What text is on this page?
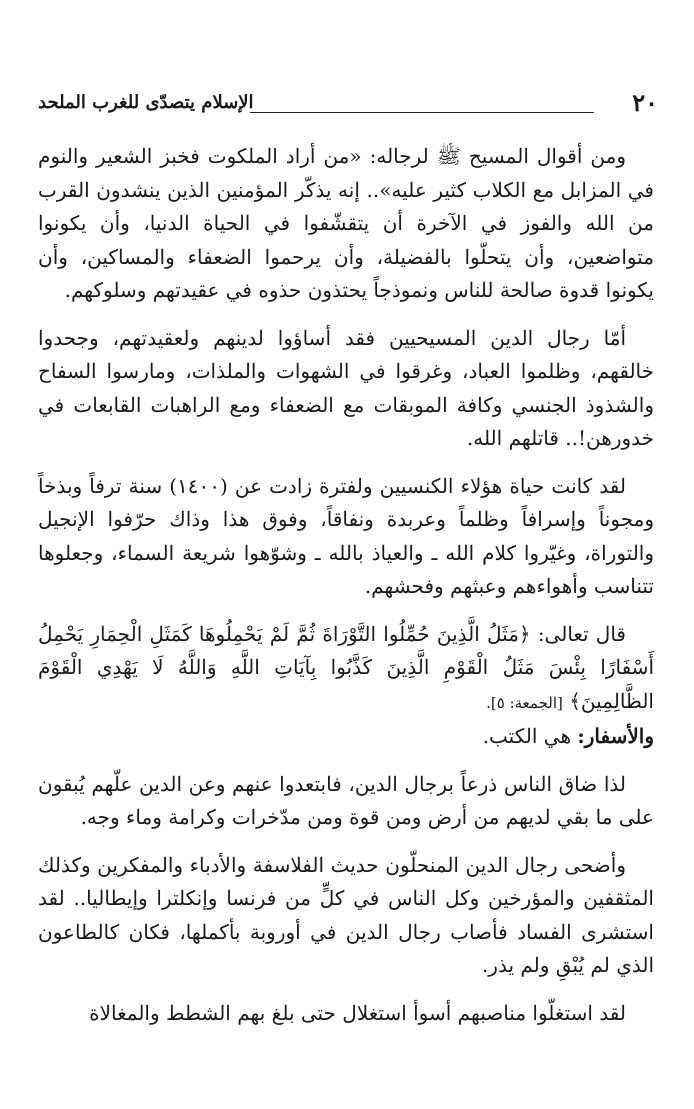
٢٠
الإسلام يتصدّى للغرب الملحد

ومن أقوال المسيح ﷺ لرجاله: «من أراد الملكوت فخبز الشعير والنوم في المزابل مع الكلاب كثير عليه».. إنه يذكّر المؤمنين الذين ينشدون القرب من الله والفوز في الآخرة أن يتقشّفوا في الحياة الدنيا، وأن يكونوا متواضعين، وأن يتحلّوا بالفضيلة، وأن يرحموا الضعفاء والمساكين، وأن يكونوا قدوة صالحة للناس ونموذجاً يحتذون حذوه في عقيدتهم وسلوكهم.

أمّا رجال الدين المسيحيين فقد أساؤوا لدينهم ولعقيدتهم، وجحدوا خالقهم، وظلموا العباد، وغرقوا في الشهوات والملذات، ومارسوا السفاح والشذوذ الجنسي وكافة الموبقات مع الضعفاء ومع الراهبات القابعات في خدورهن!.. قاتلهم الله.

لقد كانت حياة هؤلاء الكنسيين ولفترة زادت عن (١٤٠٠) سنة ترفاً وبذخاً ومجوناً وإسرافاً وظلماً وعربدة ونفاقاً، وفوق هذا وذاك حرّفوا الإنجيل والتوراة، وغيّروا كلام الله ـ والعياذ بالله ـ وشوّهوا شريعة السماء، وجعلوها تتناسب وأهواءهم وعبثهم وفحشهم.

قال تعالى: ﴿مَثَلُ الَّذِينَ حُمِّلُوا التَّوْرَاةَ ثُمَّ لَمْ يَحْمِلُوهَا كَمَثَلِ الْحِمَارِ يَحْمِلُ أَسْفَارًا بِئْسَ مَثَلُ الْقَوْمِ الَّذِينَ كَذَّبُوا بِآيَاتِ اللَّهِ وَاللَّهُ لَا يَهْدِي الْقَوْمَ الظَّالِمِينَ﴾ [الجمعة: ٥].
والأسفار: هي الكتب.

لذا ضاق الناس ذرعاً برجال الدين، فابتعدوا عنهم وعن الدين علّهم يُبقون على ما بقي لديهم من أرض ومن قوة ومن مدّخرات وكرامة وماء وجه.

وأضحى رجال الدين المنحلّون حديث الفلاسفة والأدباء والمفكرين وكذلك المثقفين والمؤرخين وكل الناس في كلٍّ من فرنسا وإنكلترا وإيطاليا.. لقد استشرى الفساد فأصاب رجال الدين في أوروبة بأكملها، فكان كالطاعون الذي لم يُبْقِ ولم يذر.

لقد استغلّوا مناصبهم أسوأ استغلال حتى بلغ بهم الشطط والمغالاة
